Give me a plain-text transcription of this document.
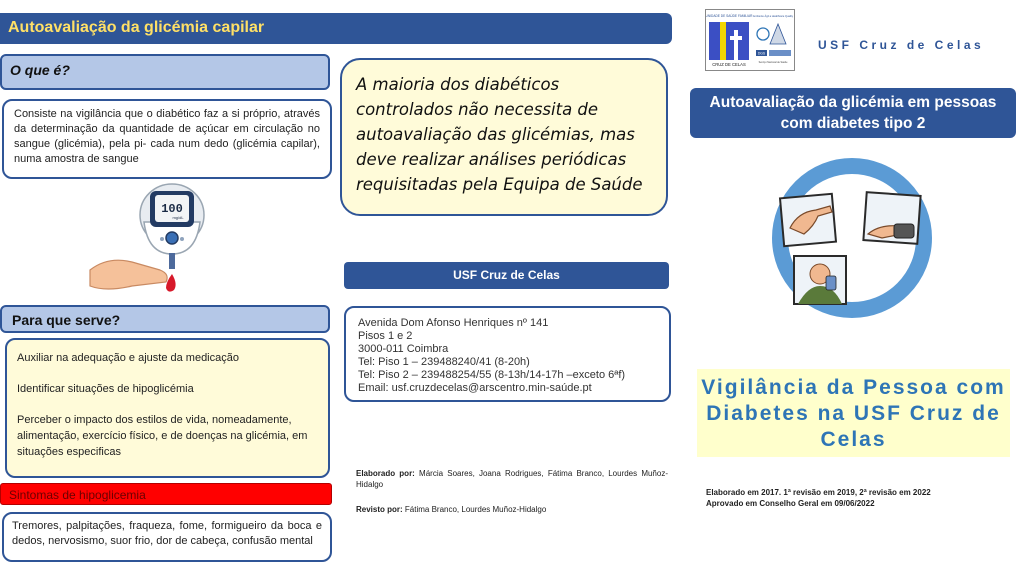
Autoavaliação da glicémia capilar
O que é?
Consiste na vigilância que o diabético faz a si próprio, através da determinação da quantidade de açúcar em circulação no sangue (glicémia), pela pi- cada num dedo (glicémia capilar), numa amostra de sangue
100
mg/dL
Para que serve?
Auxiliar na adequação e ajuste da medicação
Identificar situações de hipoglicémia
Perceber o impacto dos estilos de vida, nomeadamente, alimentação, exercício físico, e de doenças na glicémia, em situações especificas
Sintomas de hipoglicemia
Tremores, palpitações, fraqueza, fome, formigueiro da boca e dedos, nervosismo, suor frio, dor de cabeça, confusão mental
A maioria dos diabéticos controlados não necessita de autoavaliação das glicémias, mas deve realizar análises periódicas requisitadas pela Equipa de Saúde
USF Cruz de Celas
Avenida Dom Afonso Henriques nº 141
Pisos 1 e 2
3000-011 Coimbra
Tel: Piso 1 – 239488240/41 (8-20h)
Tel: Piso 2 – 239488254/55 (8-13h/14-17h –exceto 6ªf)
Email: usf.cruzdecelas@arscentro.min-saúde.pt
Elaborado por: Márcia Soares, Joana Rodrigues, Fátima Branco, Lourdes Muñoz-Hidalgo
Revisto por: Fátima Branco, Lourdes Muñoz-Hidalgo
UNIDADE DE SAÚDE FAMILIAR
CRUZ DE CELAS
Ambiente Ágil a Healthcare Quality
DGS
Serviço Nacional de Saúde
USF Cruz de Celas
Autoavaliação da glicémia em pessoas com diabetes tipo 2
Vigilância da Pessoa com Diabetes na USF Cruz de Celas
Elaborado em 2017. 1ª revisão em 2019, 2ª revisão em 2022
Aprovado em Conselho Geral em 09/06/2022
